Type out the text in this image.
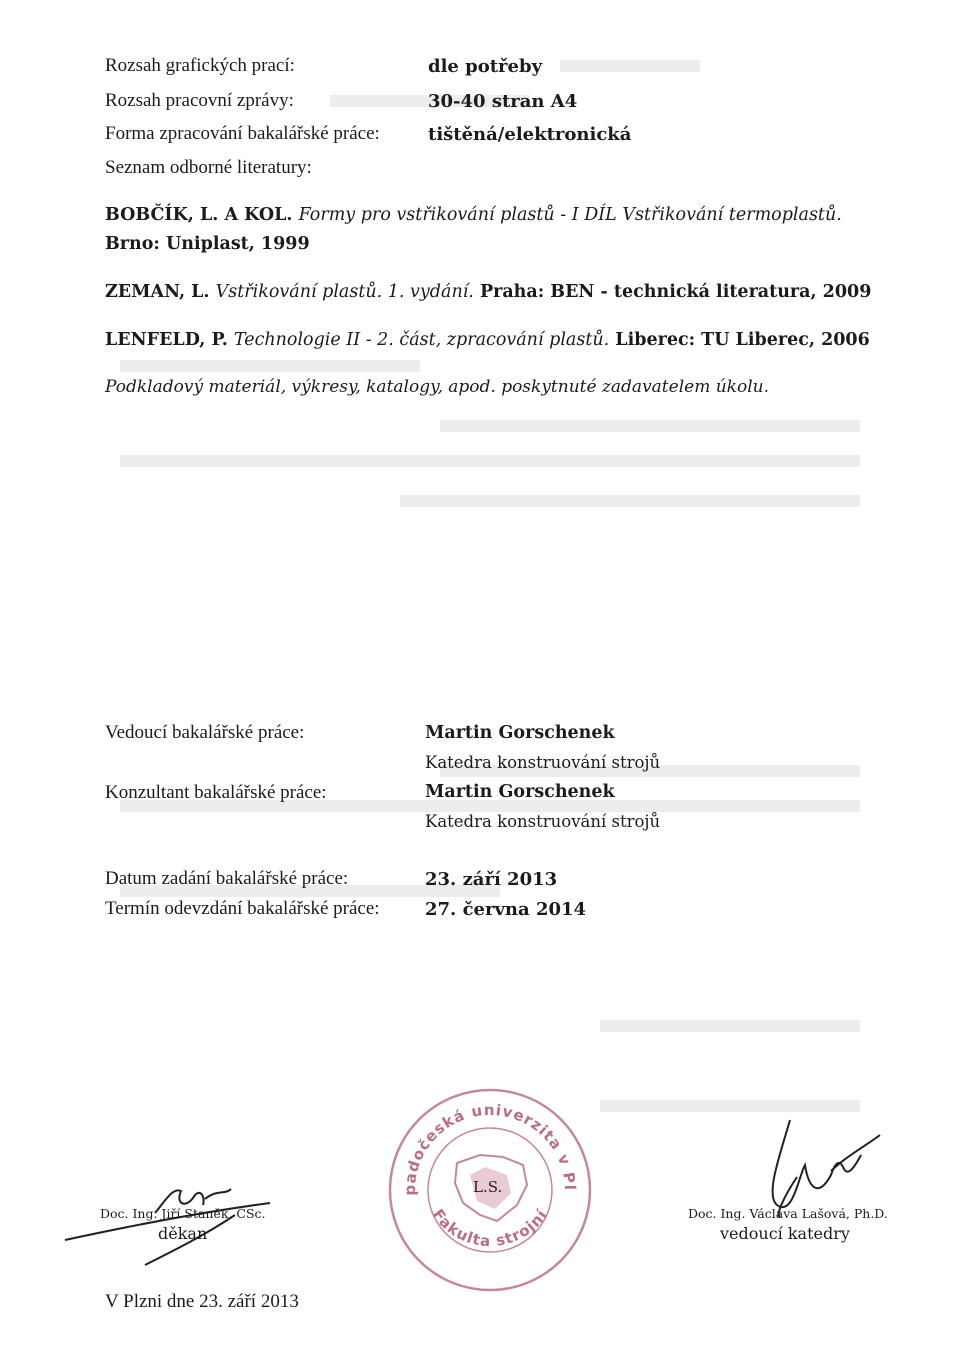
Rozsah grafických prací:	dle potřeby
Rozsah pracovní zprávy:	30-40 stran A4
Forma zpracování bakalářské práce:	tištěná/elektronická
Seznam odborné literatury:
BOBČÍK, L. A KOL. Formy pro vstřikování plastů - I DÍL Vstřikování termoplastů.
Brno: Uniplast, 1999
ZEMAN, L. Vstřikování plastů. 1. vydání. Praha: BEN - technická literatura, 2009
LENFELD, P. Technologie II - 2. část, zpracování plastů. Liberec: TU Liberec, 2006
Podkladový materiál, výkresy, katalogy, apod. poskytnuté zadavatelem úkolu.
Vedoucí bakalářské práce:	Martin Gorschenek
Katedra konstruování strojů
Konzultant bakalářské práce:	Martin Gorschenek
Katedra konstruování strojů
Datum zadání bakalářské práce:	23. září 2013
Termín odevzdání bakalářské práce:	27. června 2014
Doc. Ing. Jiří Staněk, CSc.
děkan
padočeská univerzita v Pl
Fakulta strojní
L.S.
Doc. Ing. Václava Lašová, Ph.D.
vedoucí katedry
V Plzni dne 23. září 2013
